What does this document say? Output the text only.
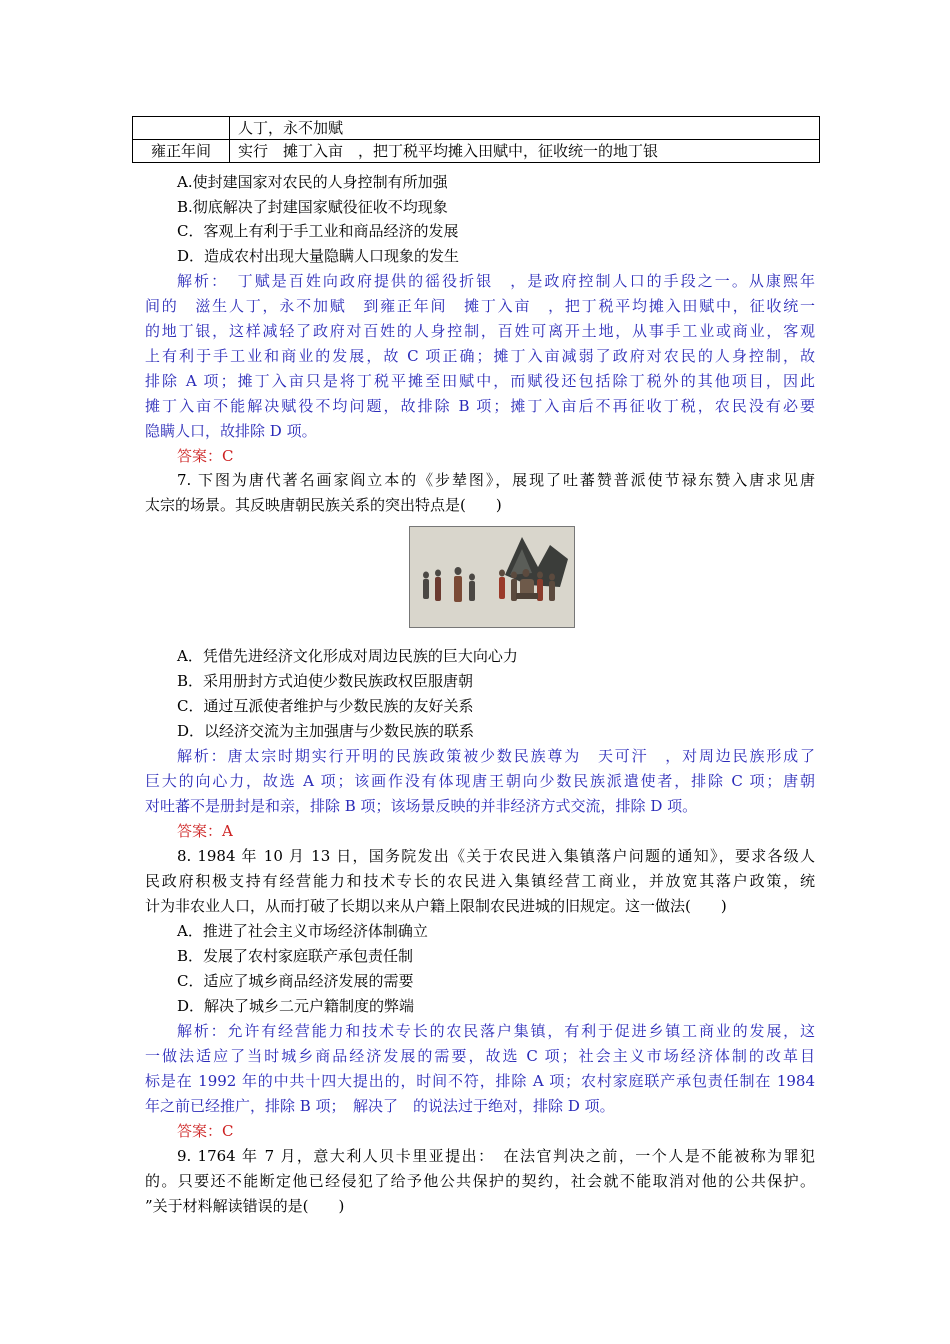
	人丁，永不加赋
雍正年间	实行　摊丁入亩　，把丁税平均摊入田赋中，征收统一的地丁银
A.使封建国家对农民的人身控制有所加强
B.彻底解决了封建国家赋役征收不均现象
C．客观上有利于手工业和商品经济的发展
D．造成农村出现大量隐瞒人口现象的发生
解析：　丁赋是百姓向政府提供的徭役折银　，是政府控制人口的手段之一。从康熙年
间的　滋生人丁，永不加赋　到雍正年间　摊丁入亩　，把丁税平均摊入田赋中，征收统一
的地丁银，这样减轻了政府对百姓的人身控制，百姓可离开土地，从事手工业或商业，客观
上有利于手工业和商业的发展，故 C 项正确；摊丁入亩减弱了政府对农民的人身控制，故
排除 A 项；摊丁入亩只是将丁税平摊至田赋中，而赋役还包括除丁税外的其他项目，因此
摊丁入亩不能解决赋役不均问题，故排除 B 项；摊丁入亩后不再征收丁税，农民没有必要
隐瞒人口，故排除 D 项。
答案：C
7. 下图为唐代著名画家阎立本的《步辇图》，展现了吐蕃赞普派使节禄东赞入唐求见唐
太宗的场景。其反映唐朝民族关系的突出特点是(　　)
A．凭借先进经济文化形成对周边民族的巨大向心力
B．采用册封方式迫使少数民族政权臣服唐朝
C．通过互派使者维护与少数民族的友好关系
D．以经济交流为主加强唐与少数民族的联系
解析：唐太宗时期实行开明的民族政策被少数民族尊为　天可汗　，对周边民族形成了
巨大的向心力，故选 A 项；该画作没有体现唐王朝向少数民族派遣使者，排除 C 项；唐朝
对吐蕃不是册封是和亲，排除 B 项；该场景反映的并非经济方式交流，排除 D 项。
答案：A
8. 1984 年 10 月 13 日，国务院发出《关于农民进入集镇落户问题的通知》，要求各级人
民政府积极支持有经营能力和技术专长的农民进入集镇经营工商业，并放宽其落户政策，统
计为非农业人口，从而打破了长期以来从户籍上限制农民进城的旧规定。这一做法(　　)
A．推进了社会主义市场经济体制确立
B．发展了农村家庭联产承包责任制
C．适应了城乡商品经济发展的需要
D．解决了城乡二元户籍制度的弊端
解析：允许有经营能力和技术专长的农民落户集镇，有利于促进乡镇工商业的发展，这
一做法适应了当时城乡商品经济发展的需要，故选 C 项；社会主义市场经济体制的改革目
标是在 1992 年的中共十四大提出的，时间不符，排除 A 项；农村家庭联产承包责任制在 1984
年之前已经推广，排除 B 项；　解决了　的说法过于绝对，排除 D 项。
答案：C
9. 1764 年 7 月，意大利人贝卡里亚提出：　在法官判决之前，一个人是不能被称为罪犯
的。只要还不能断定他已经侵犯了给予他公共保护的契约，社会就不能取消对他的公共保护。
”关于材料解读错误的是(　　)
